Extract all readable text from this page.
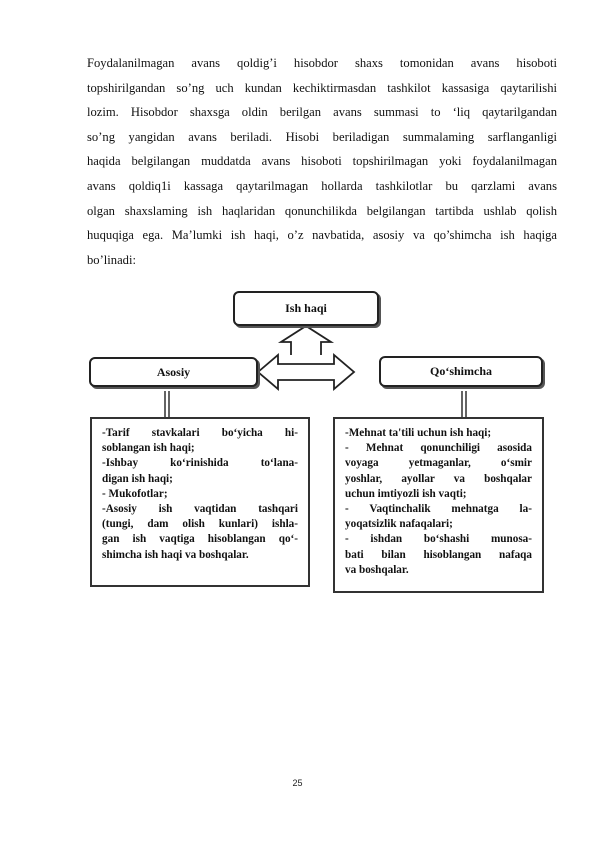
Foydalanilmagan avans qoldig’i hisobdor shaxs tomonidan avans hisoboti
topshirilgandan so’ng uch kundan kechiktirmasdan tashkilot kassasiga qaytarilishi
lozim. Hisobdor shaxsga oldin berilgan avans summasi to ‘liq qaytarilgandan
so’ng yangidan avans beriladi. Hisobi beriladigan summalaming sarflanganligi
haqida belgilangan muddatda avans hisoboti topshirilmagan yoki foydalanilmagan
avans qoldiq1i kassaga qaytarilmagan hollarda tashkilotlar bu qarzlami avans
olgan shaxslaming ish haqlaridan qonunchilikda belgilangan tartibda ushlab qolish
huquqiga ega. Ma’lumki ish haqi, o’z navbatida, asosiy va qo’shimcha ish haqiga
bo’linadi:
Ish haqi
Asosiy	Qo‘shimcha
-Tarif stavkalari bo‘yicha hi-
soblangan ish haqi;
-Ishbay ko‘rinishida to‘lana-
digan ish haqi;
- Mukofotlar;
-Asosiy ish vaqtidan tashqari
(tungi, dam olish kunlari) ishla-
gan ish vaqtiga hisoblangan qo‘-
shimcha ish haqi va boshqalar.
-Mehnat ta'tili uchun ish haqi;
- Mehnat qonunchiligi asosida
voyaga yetmaganlar, o‘smir
yoshlar, ayollar va boshqalar
uchun imtiyozli ish vaqti;
- Vaqtinchalik mehnatga la-
yoqatsizlik nafaqalari;
- ishdan bo‘shashi munosa-
bati bilan hisoblangan nafaqa
va boshqalar.
25
